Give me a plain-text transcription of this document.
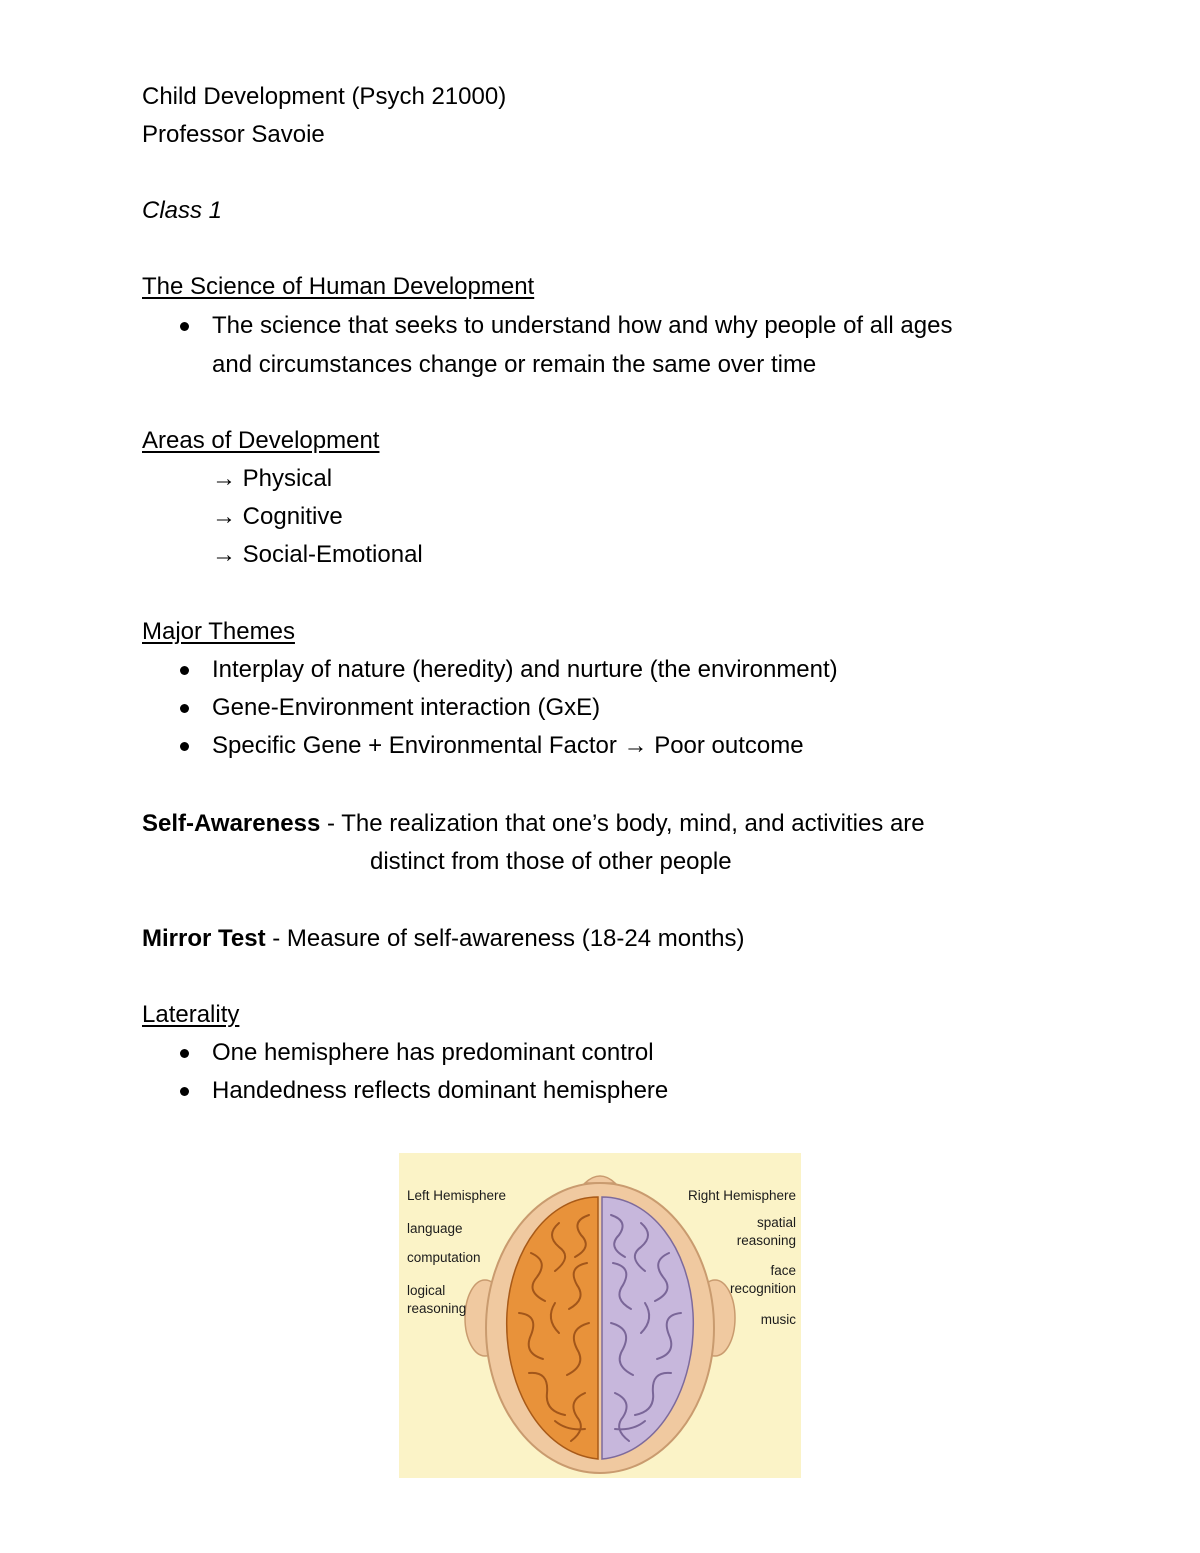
Child Development (Psych 21000)
Professor Savoie
Class 1
The Science of Human Development
The science that seeks to understand how and why people of all ages
and circumstances change or remain the same over time
Areas of Development
→ Physical
→ Cognitive
→ Social-Emotional
Major Themes
Interplay of nature (heredity) and nurture (the environment)
Gene-Environment interaction (GxE)
Specific Gene + Environmental Factor → Poor outcome
Self-Awareness - The realization that one’s body, mind, and activities are
distinct from those of other people
Mirror Test - Measure of self-awareness (18-24 months)
Laterality
One hemisphere has predominant control
Handedness reflects dominant hemisphere
Left Hemisphere
language
computation
logical
reasoning
Right Hemisphere
spatial
reasoning
face
recognition
music
